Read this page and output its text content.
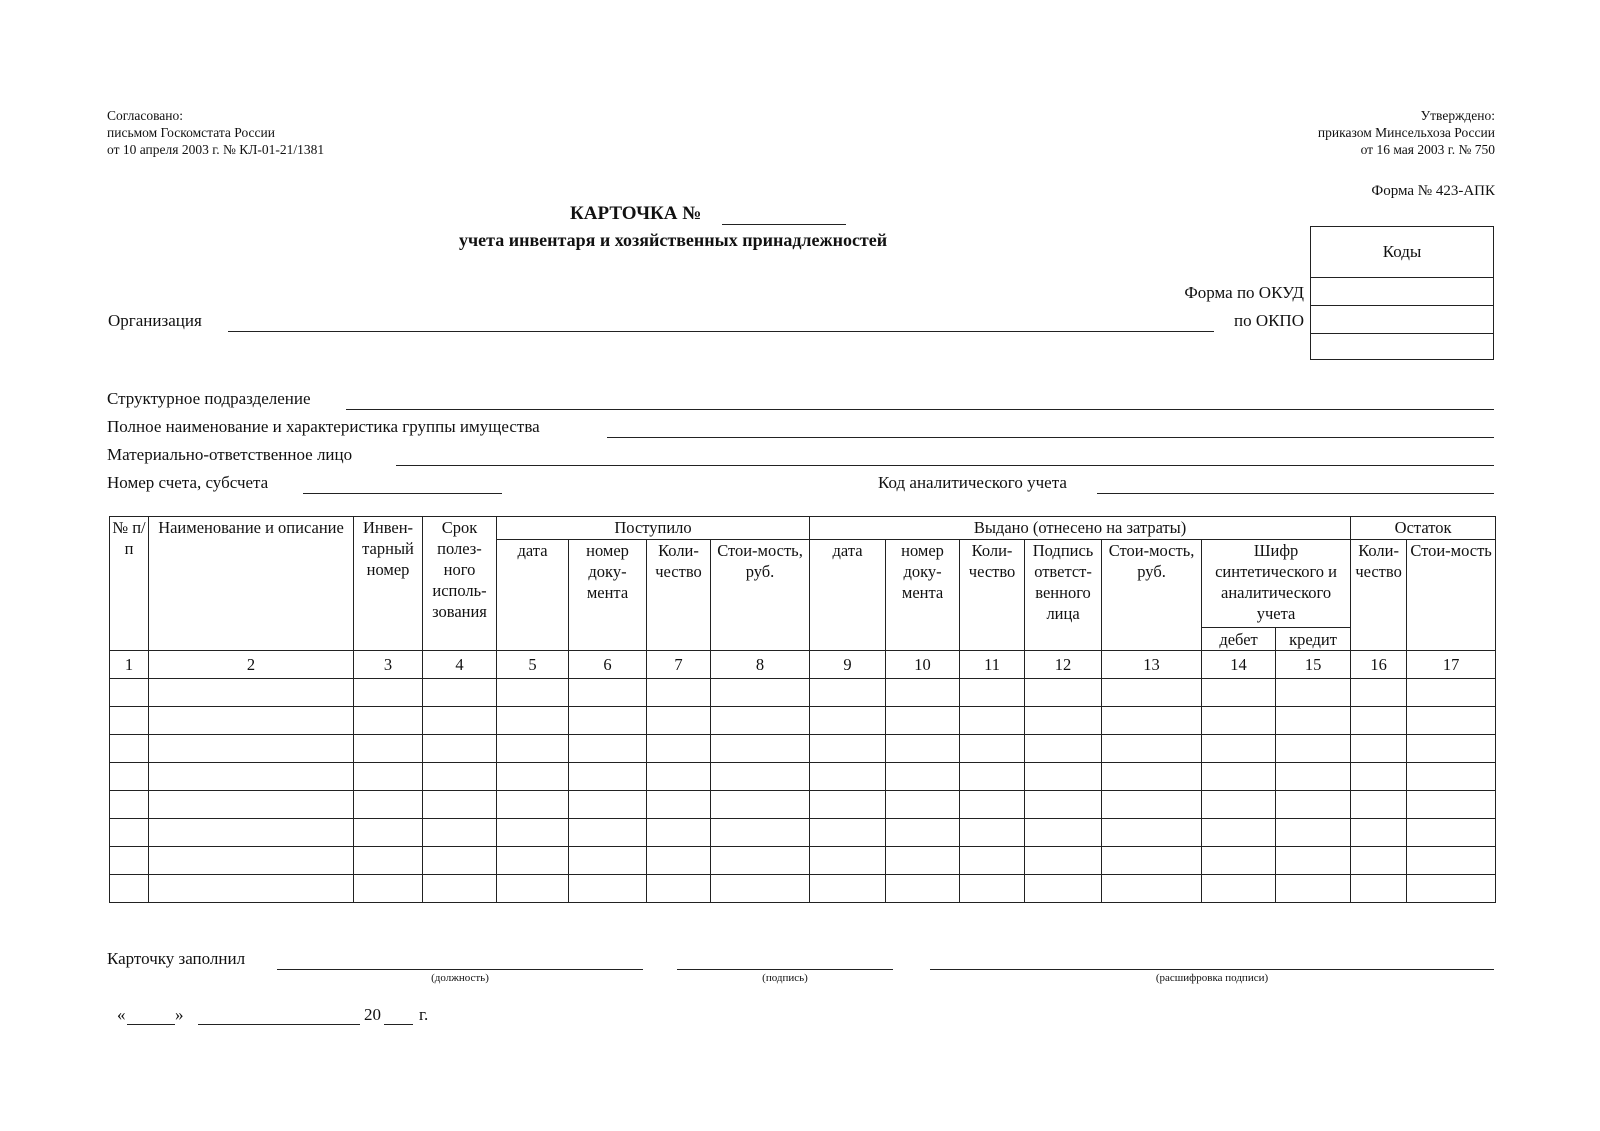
Согласовано:
письмом Госкомстата России
от 10 апреля 2003 г. № КЛ-01-21/1381
Утверждено:
приказом Минсельхоза России
от 16 мая 2003 г. № 750
Форма № 423-АПК
КАРТОЧКА №
учета инвентаря и хозяйственных принадлежностей
Коды
Форма по ОКУД
по ОКПО
Организация
Структурное подразделение
Полное наименование и характеристика группы имущества
Материально-ответственное лицо
Номер счета, субсчета	Код аналитического учета
№ п/п	Наименование и описание	Инвен-тарный номер	Срок полез-ного исполь-зования	Поступило				Выдано (отнесено на затраты)							Остаток	
				дата	номер доку-мента	Коли-чество	Стои-мость, руб.	дата	номер доку-мента	Коли-чество	Подпись ответст-венного лица	Стои-мость, руб.	Шифр синтетического и аналитического учета		Коли-чество	Стои-мость
													дебет	кредит		
1	2	3	4	5	6	7	8	9	10	11	12	13	14	15	16	17

Карточку заполнил
(должность)	(подпись)	(расшифровка подписи)
«	»	20 г.
